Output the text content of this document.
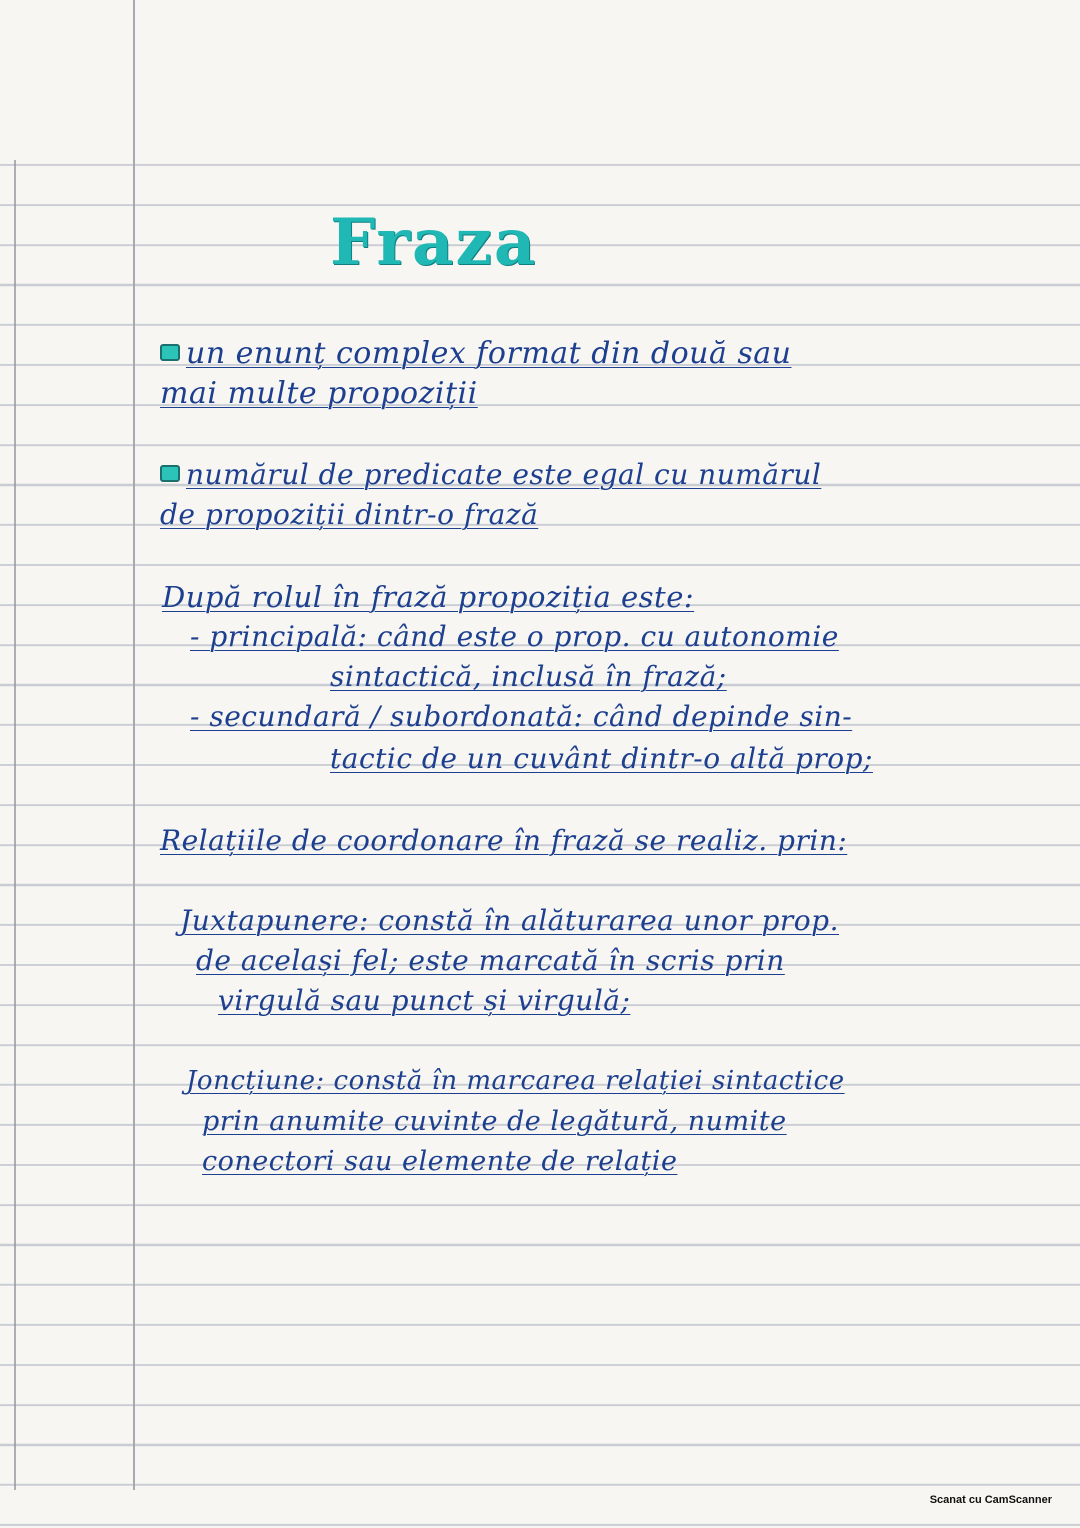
Fraza
un enunț complex format din două sau
mai multe propoziții
numărul de predicate este egal cu numărul
de propoziții dintr-o frază
După rolul în frază propoziția este:
- principală: când este o prop. cu autonomie
sintactică, inclusă în frază;
- secundară / subordonată: când depinde sin-
tactic de un cuvânt dintr-o altă prop;
Relațiile de coordonare în frază se realiz. prin:
Juxtapunere: constă în alăturarea unor prop.
de același fel; este marcată în scris prin
virgulă sau punct și virgulă;
Joncțiune: constă în marcarea relației sintactice
prin anumite cuvinte de legătură, numite
conectori sau elemente de relație
Scanat cu CamScanner
